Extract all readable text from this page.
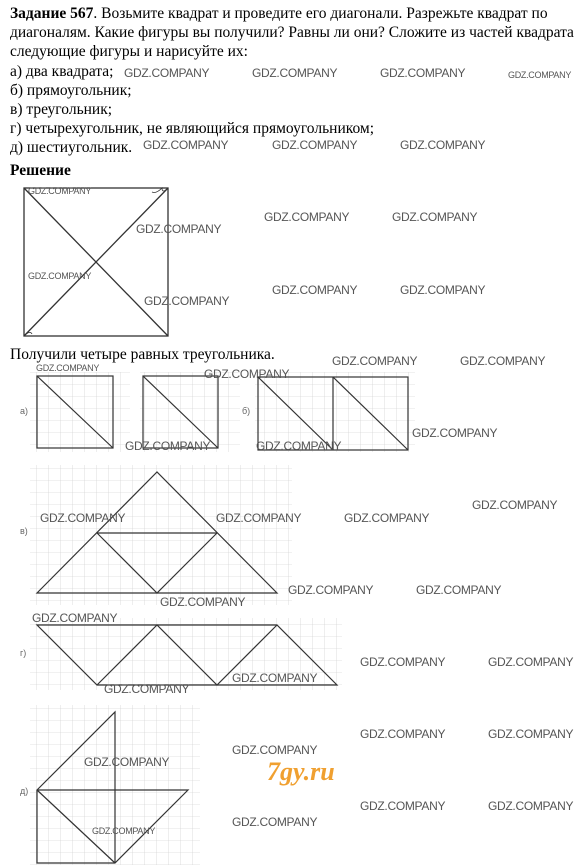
Задание 567. Возьмите квадрат и проведите его диагонали. Разрежьте квадрат по диагоналям. Какие фигуры вы получили? Равны ли они? Сложите из частей квадрата следующие фигуры и нарисуйте их:

а) два квадрата;

б) прямоугольник;

в) треугольник;

г) четырехугольник, не являющийся прямоугольником;

д) шестиугольник.

Решение
Получили четыре равных треугольника.
а)	б)
в)
г)
д)
GDZ.COMPANY	GDZ.COMPANY	GDZ.COMPANY	GDZ.COMPANY
GDZ.COMPANY	GDZ.COMPANY	GDZ.COMPANY
GDZ.COMPANY
GDZ.COMPANY
GDZ.COMPANY	GDZ.COMPANY
GDZ.COMPANY
GDZ.COMPANY
GDZ.COMPANY	GDZ.COMPANY
GDZ.COMPANY	GDZ.COMPANY
GDZ.COMPANY	GDZ.COMPANY
GDZ.COMPANY
GDZ.COMPANY	GDZ.COMPANY
GDZ.COMPANY
GDZ.COMPANY	GDZ.COMPANY	GDZ.COMPANY
GDZ.COMPANY	GDZ.COMPANY
GDZ.COMPANY
GDZ.COMPANY
GDZ.COMPANY	GDZ.COMPANY
GDZ.COMPANY
GDZ.COMPANY
GDZ.COMPANY	GDZ.COMPANY
GDZ.COMPANY
GDZ.COMPANY
GDZ.COMPANY	GDZ.COMPANY
GDZ.COMPANY
GDZ.COMPANY
7gy.ru
